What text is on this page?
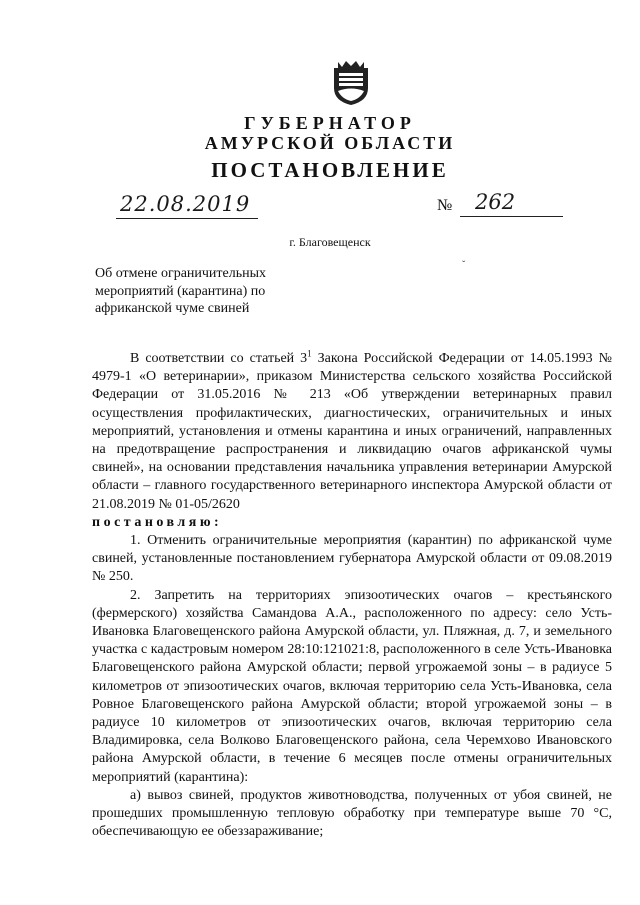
ГУБЕРНАТОР
АМУРСКОЙ ОБЛАСТИ
ПОСТАНОВЛЕНИЕ
22.08.2019	№ 262
г. Благовещенск
Об отмене ограничительных мероприятий (карантина) по африканской чуме свиней
ˇ

В соответствии со статьей $3^1$ Закона Российской Федерации от 14.05.1993 № 4979-1 «О ветеринарии», приказом Министерства сельского хозяйства Российской Федерации от 31.05.2016 № 213 «Об утверждении ветеринарных правил осуществления профилактических, диагностических, ограничительных и иных мероприятий, установления и отмены карантина и иных ограничений, направленных на предотвращение распространения и ликвидацию очагов африканской чумы свиней», на основании представления начальника управления ветеринарии Амурской области – главного государственного ветеринарного инспектора Амурской области от 21.08.2019 № 01-05/2620

постановляю:

1. Отменить ограничительные мероприятия (карантин) по африканской чуме свиней, установленные постановлением губернатора Амурской области от 09.08.2019 № 250.

2. Запретить на территориях эпизоотических очагов – крестьянского (фермерского) хозяйства Самандова А.А., расположенного по адресу: село Усть-Ивановка Благовещенского района Амурской области, ул. Пляжная, д. 7, и земельного участка с кадастровым номером 28:10:121021:8, расположенного в селе Усть-Ивановка Благовещенского района Амурской области; первой угрожаемой зоны – в радиусе 5 километров от эпизоотических очагов, включая территорию села Усть-Ивановка, села Ровное Благовещенского района Амурской области; второй угрожаемой зоны – в радиусе 10 километров от эпизоотических очагов, включая территорию села Владимировка, села Волково Благовещенского района, села Черемхово Ивановского района Амурской области, в течение 6 месяцев после отмены ограничительных мероприятий (карантина):

а) вывоз свиней, продуктов животноводства, полученных от убоя свиней, не прошедших промышленную тепловую обработку при температуре выше 70 °С, обеспечивающую ее обеззараживание;
